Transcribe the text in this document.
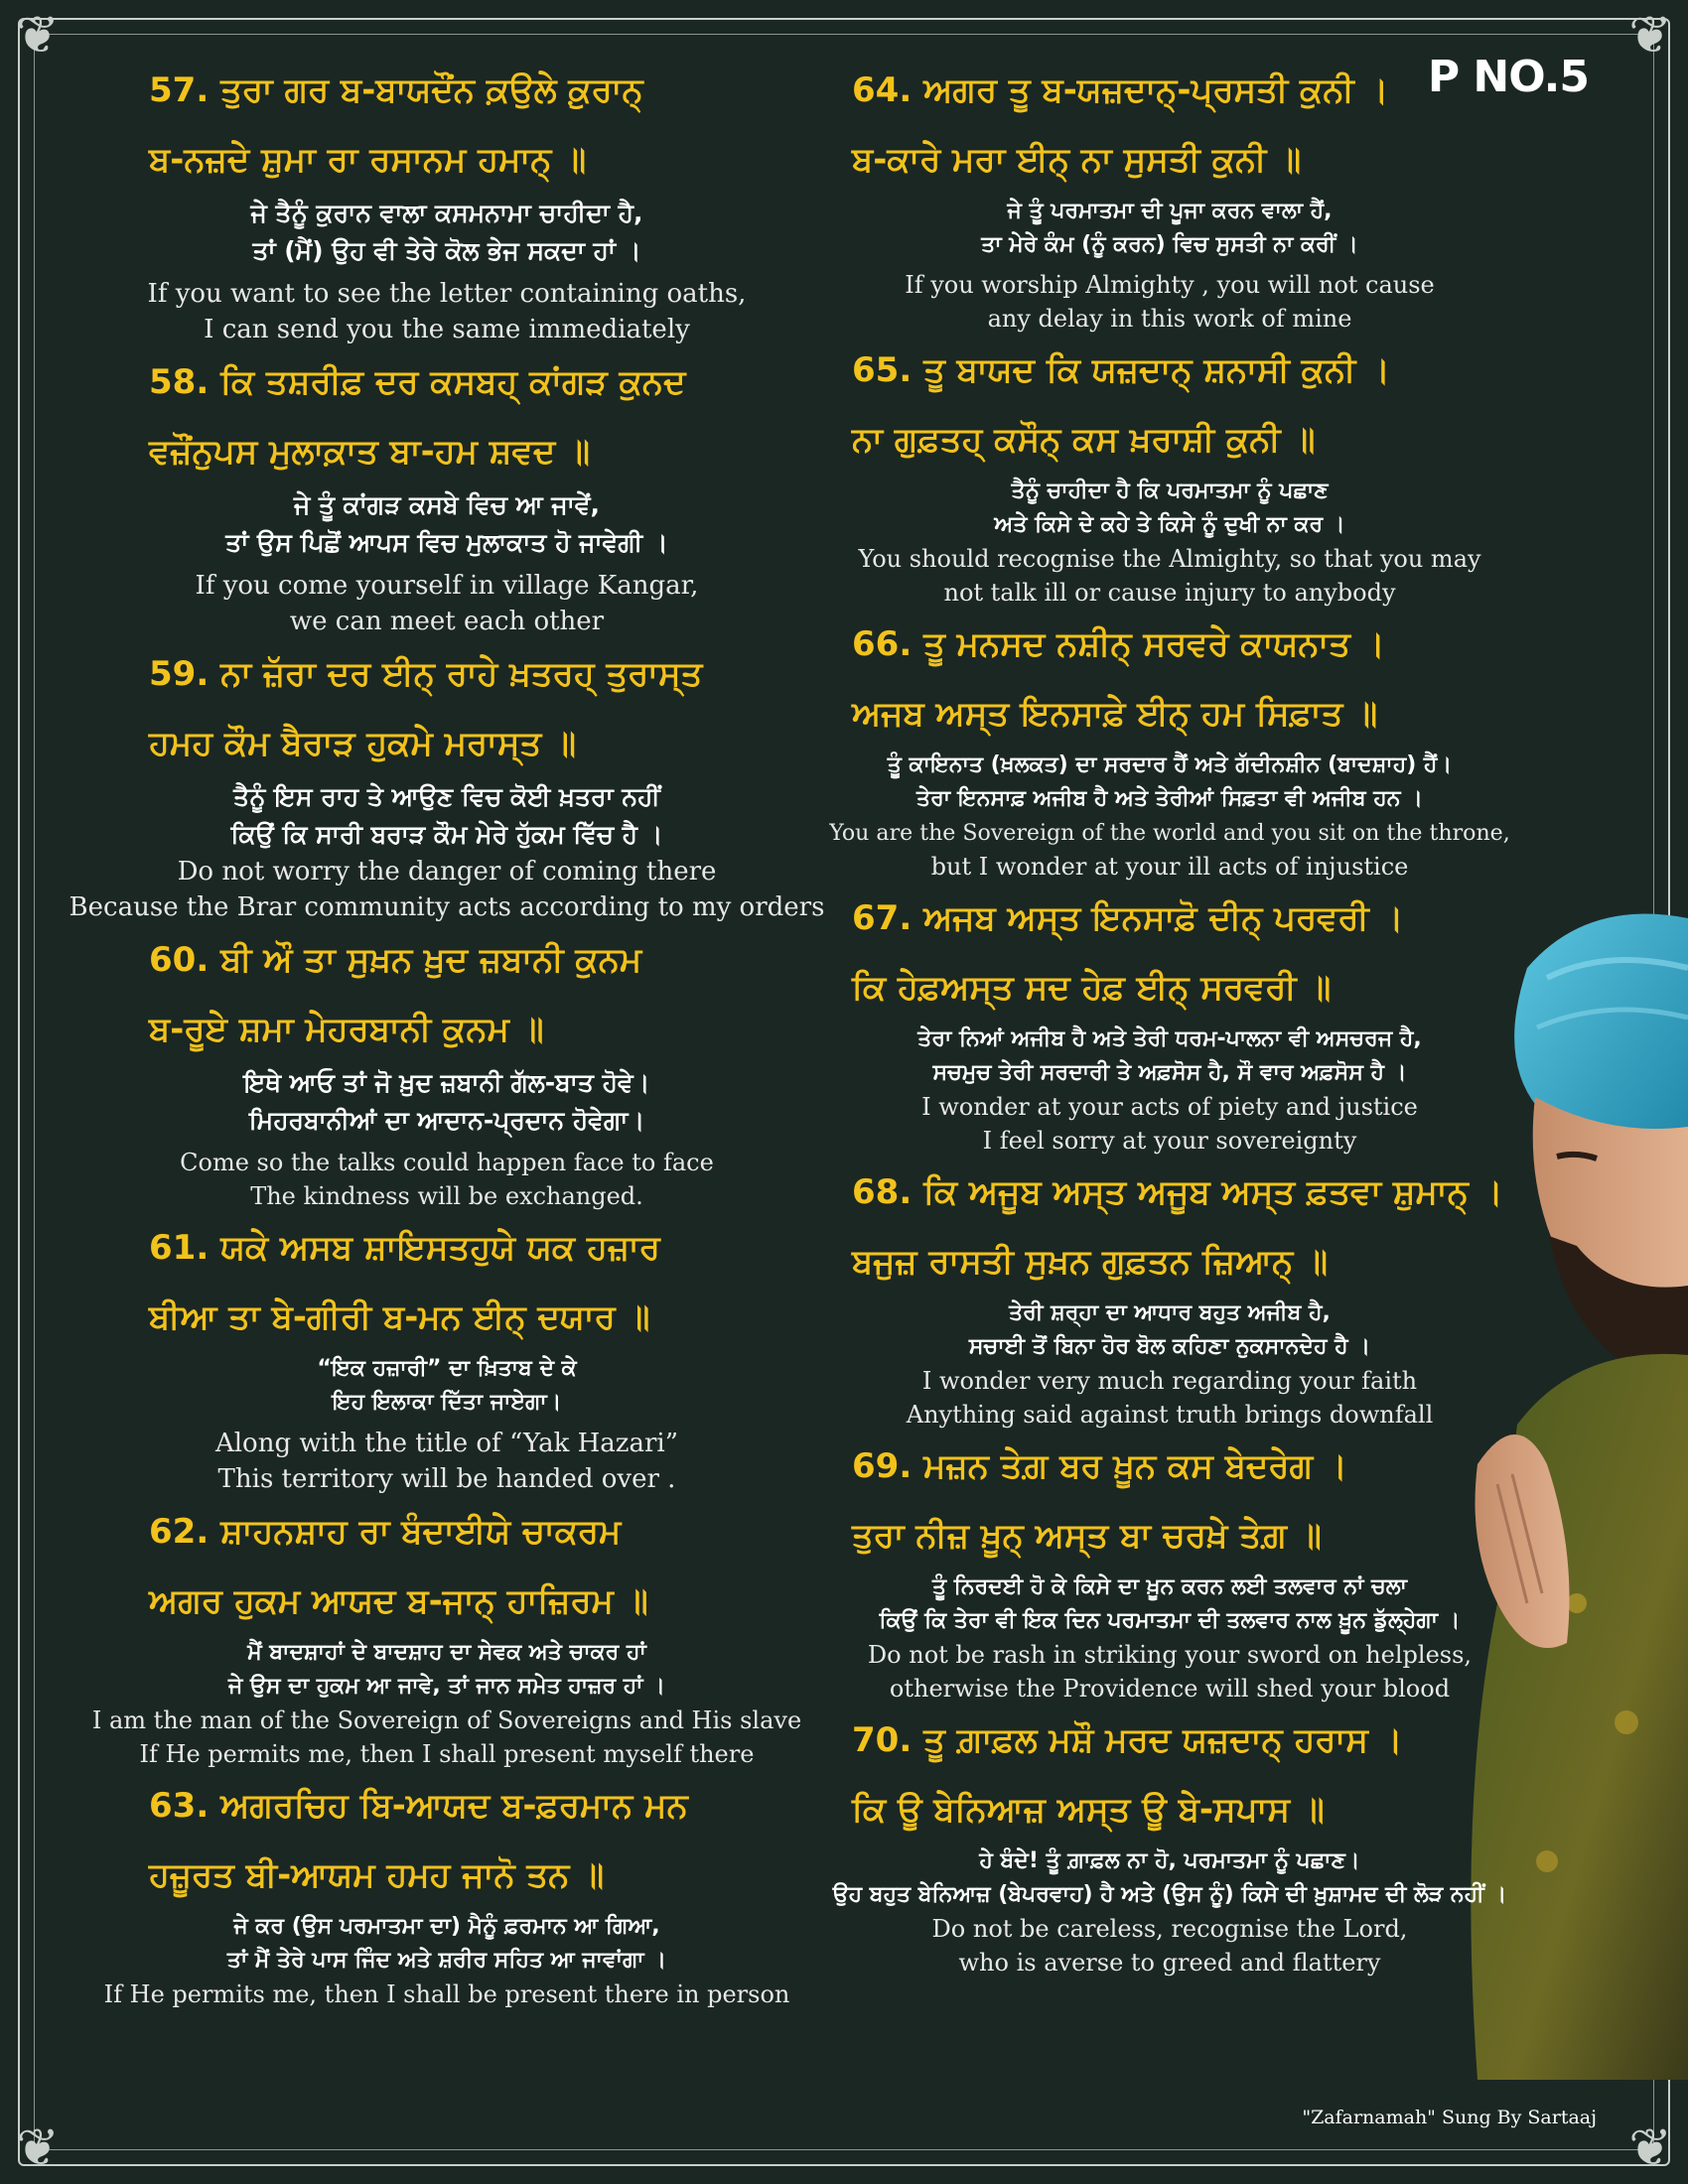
❦	❦
❦	❦
P NO.5
57. ਤੁਰਾ ਗਰ ਬ-ਬਾਯਦੌਂਨ ਕ਼ਉਲੇ ਕ਼ੁਰਾਨ੍
ਬ-ਨਜ਼ਦੇ ਸ਼ੁਮਾ ਰਾ ਰਸਾਨਮ ਹਮਾਨ੍ ॥
ਜੇ ਤੈਨੂੰ ਕੁਰਾਨ ਵਾਲਾ ਕਸਮਨਾਮਾ ਚਾਹੀਦਾ ਹੈ,
ਤਾਂ (ਮੈਂ) ਉਹ ਵੀ ਤੇਰੇ ਕੋਲ ਭੇਜ ਸਕਦਾ ਹਾਂ ।
If you want to see the letter containing oaths,
I can send you the same immediately
58. ਕਿ ਤਸ਼ਰੀਫ਼ ਦਰ ਕਸਬਹ੍ ਕਾਂਗੜ ਕੁਨਦ
ਵਜ਼ੌਂਨੁਪਸ ਮੁਲਾਕ਼ਾਤ ਬਾ-ਹਮ ਸ਼ਵਦ ॥
ਜੇ ਤੂੰ ਕਾਂਗੜ ਕਸਬੇ ਵਿਚ ਆ ਜਾਵੇਂ,
ਤਾਂ ਉਸ ਪਿਛੋਂ ਆਪਸ ਵਿਚ ਮੁਲਾਕਾਤ ਹੋ ਜਾਵੇਗੀ ।
If you come yourself in village Kangar,
we can meet each other
59. ਨਾ ਜ਼ੱਰਾ ਦਰ ਈਨ੍ ਰਾਹੇ ਖ਼ਤਰਹ੍ ਤੁਰਾਸ੍ਤ
ਹਮਹ ਕੌਮ ਬੈਰਾੜ ਹੁਕਮੇ ਮਰਾਸ੍ਤ ॥
ਤੈਨੂੰ ਇਸ ਰਾਹ ਤੇ ਆਉਣ ਵਿਚ ਕੋਈ ਖ਼ਤਰਾ ਨਹੀਂ
ਕਿਉਂ ਕਿ ਸਾਰੀ ਬਰਾੜ ਕੌਮ ਮੇਰੇ ਹੁੱਕਮ ਵਿੱਚ ਹੈ ।
Do not worry the danger of coming there
Because the Brar community acts according to my orders
60. ਬੀ ਔ ਤਾ ਸੁਖ਼ਨ ਖ਼ੁਦ ਜ਼ਬਾਨੀ ਕੁਨਮ
ਬ-ਰੂਏ ਸ਼ਮਾ ਮੇਹਰਬਾਨੀ ਕੁਨਮ ॥
ਇਥੇ ਆਓ ਤਾਂ ਜੋ ਖ਼ੁਦ ਜ਼ਬਾਨੀ ਗੱਲ-ਬਾਤ ਹੋਵੇ।
ਮਿਹਰਬਾਨੀਆਂ ਦਾ ਆਦਾਨ-ਪ੍ਰਦਾਨ ਹੋਵੇਗਾ।
Come so the talks could happen face to face
The kindness will be exchanged.
61. ਯਕੇ ਅਸਬ ਸ਼ਾਇਸਤਹੁਯੇ ਯਕ ਹਜ਼ਾਰ
ਬੀਆ ਤਾ ਬੇ-ਗੀਰੀ ਬ-ਮਨ ਈਨ੍ ਦਯਾਰ ॥
“ਇਕ ਹਜ਼ਾਰੀ” ਦਾ ਖ਼ਿਤਾਬ ਦੇ ਕੇ
ਇਹ ਇਲਾਕਾ ਦਿੱਤਾ ਜਾਏਗਾ।
Along with the title of “Yak Hazari”
This territory will be handed over .
62. ਸ਼ਾਹਨਸ਼ਾਹ ਰਾ ਬੰਦਾਈਯੇ ਚਾਕਰਮ
ਅਗਰ ਹੁਕਮ ਆਯਦ ਬ-ਜਾਨ੍ ਹਾਜ਼ਿਰਮ ॥
ਮੈਂ ਬਾਦਸ਼ਾਹਾਂ ਦੇ ਬਾਦਸ਼ਾਹ ਦਾ ਸੇਵਕ ਅਤੇ ਚਾਕਰ ਹਾਂ
ਜੇ ਉਸ ਦਾ ਹੁਕਮ ਆ ਜਾਵੇ, ਤਾਂ ਜਾਨ ਸਮੇਤ ਹਾਜ਼ਰ ਹਾਂ ।
I am the man of the Sovereign of Sovereigns and His slave
If He permits me, then I shall present myself there
63. ਅਗਰਚਿਹ ਬਿ-ਆਯਦ ਬ-ਫ਼ਰਮਾਨ ਮਨ
ਹਜ਼ੂਰਤ ਬੀ-ਆਯਮ ਹਮਹ ਜਾਨੋ ਤਨ ॥
ਜੇ ਕਰ (ਉਸ ਪਰਮਾਤਮਾ ਦਾ) ਮੈਨੂੰ ਫ਼ਰਮਾਨ ਆ ਗਿਆ,
ਤਾਂ ਮੈਂ ਤੇਰੇ ਪਾਸ ਜਿੰਦ ਅਤੇ ਸ਼ਰੀਰ ਸਹਿਤ ਆ ਜਾਵਾਂਗਾ ।
If He permits me, then I shall be present there in person
64. ਅਗਰ ਤੂ ਬ-ਯਜ਼ਦਾਨ੍-ਪ੍ਰਸਤੀ ਕੁਨੀ ।
ਬ-ਕਾਰੇ ਮਰਾ ਈਨ੍ ਨਾ ਸੁਸਤੀ ਕੁਨੀ ॥
ਜੇ ਤੂੰ ਪਰਮਾਤਮਾ ਦੀ ਪੂਜਾ ਕਰਨ ਵਾਲਾ ਹੈਂ,
ਤਾ ਮੇਰੇ ਕੰਮ (ਨੂੰ ਕਰਨ) ਵਿਚ ਸੁਸਤੀ ਨਾ ਕਰੀਂ ।
If you worship Almighty , you will not cause
any delay in this work of mine
65. ਤੂ ਬਾਯਦ ਕਿ ਯਜ਼ਦਾਨ੍ ਸ਼ਨਾਸੀ ਕੁਨੀ ।
ਨਾ ਗੁਫ਼ਤਹ੍ ਕਸੌਨ੍ ਕਸ ਖ਼ਰਾਸ਼ੀ ਕੁਨੀ ॥
ਤੈਨੂੰ ਚਾਹੀਦਾ ਹੈ ਕਿ ਪਰਮਾਤਮਾ ਨੂੰ ਪਛਾਣ
ਅਤੇ ਕਿਸੇ ਦੇ ਕਹੇ ਤੇ ਕਿਸੇ ਨੂੰ ਦੁਖੀ ਨਾ ਕਰ ।
You should recognise the Almighty, so that you may
not talk ill or cause injury to anybody
66. ਤੂ ਮਨਸਦ ਨਸ਼ੀਨ੍ ਸਰਵਰੇ ਕਾਯਨਾਤ ।
ਅਜਬ ਅਸ੍ਤ ਇਨਸਾਫ਼ੇ ਈਨ੍ ਹਮ ਸਿਫ਼ਾਤ ॥
ਤੂੰ ਕਾਇਨਾਤ (ਖ਼ਲਕਤ) ਦਾ ਸਰਦਾਰ ਹੈਂ ਅਤੇ ਗੱਦੀਨਸ਼ੀਨ (ਬਾਦਸ਼ਾਹ) ਹੈਂ।
ਤੇਰਾ ਇਨਸਾਫ਼ ਅਜੀਬ ਹੈ ਅਤੇ ਤੇਰੀਆਂ ਸਿਫ਼ਤਾ ਵੀ ਅਜੀਬ ਹਨ ।
You are the Sovereign of the world and you sit on the throne,
but I wonder at your ill acts of injustice
67. ਅਜਬ ਅਸ੍ਤ ਇਨਸਾਫ਼ੋ ਦੀਨ੍ ਪਰਵਰੀ ।
ਕਿ ਹੇਫ਼ਅਸ੍ਤ ਸਦ ਹੇਫ਼ ਈਨ੍ ਸਰਵਰੀ ॥
ਤੇਰਾ ਨਿਆਂ ਅਜੀਬ ਹੈ ਅਤੇ ਤੇਰੀ ਧਰਮ-ਪਾਲਨਾ ਵੀ ਅਸਚਰਜ ਹੈ,
ਸਚਮੁਚ ਤੇਰੀ ਸਰਦਾਰੀ ਤੇ ਅਫ਼ਸੋਸ ਹੈ, ਸੌ ਵਾਰ ਅਫ਼ਸੋਸ ਹੈ ।
I wonder at your acts of piety and justice
I feel sorry at your sovereignty
68. ਕਿ ਅਜੂਬ ਅਸ੍ਤ ਅਜੂਬ ਅਸ੍ਤ ਫ਼ਤਵਾ ਸ਼ੁਮਾਨ੍ ।
ਬਜੁਜ਼ ਰਾਸਤੀ ਸੁਖ਼ਨ ਗੁਫ਼ਤਨ ਜ਼ਿਆਨ੍ ॥
ਤੇਰੀ ਸ਼ਰ੍ਹਾ ਦਾ ਆਧਾਰ ਬਹੁਤ ਅਜੀਬ ਹੈ,
ਸਚਾਈ ਤੋਂ ਬਿਨਾ ਹੋਰ ਬੋਲ ਕਹਿਣਾ ਨੁਕਸਾਨਦੇਹ ਹੈ ।
I wonder very much regarding your faith
Anything said against truth brings downfall
69. ਮਜ਼ਨ ਤੇਗ਼ ਬਰ ਖ਼ੂਨ ਕਸ ਬੇਦਰੇਗ ।
ਤੁਰਾ ਨੀਜ਼ ਖ਼ੂਨ੍ ਅਸ੍ਤ ਬਾ ਚਰਖ਼ੇ ਤੇਗ਼ ॥
ਤੂੰ ਨਿਰਦਈ ਹੋ ਕੇ ਕਿਸੇ ਦਾ ਖ਼ੂਨ ਕਰਨ ਲਈ ਤਲਵਾਰ ਨਾਂ ਚਲਾ
ਕਿਉਂ ਕਿ ਤੇਰਾ ਵੀ ਇਕ ਦਿਨ ਪਰਮਾਤਮਾ ਦੀ ਤਲਵਾਰ ਨਾਲ ਖ਼ੂਨ ਡੁੱਲ੍ਹੇਗਾ ।
Do not be rash in striking your sword on helpless,
otherwise the Providence will shed your blood
70. ਤੂ ਗ਼ਾਫ਼ਲ ਮਸ਼ੌ ਮਰਦ ਯਜ਼ਦਾਨ੍ ਹਰਾਸ ।
ਕਿ ਊ ਬੇਨਿਆਜ਼ ਅਸ੍ਤ ਊ ਬੇ-ਸਪਾਸ ॥
ਹੇ ਬੰਦੇ! ਤੂੰ ਗ਼ਾਫ਼ਲ ਨਾ ਹੋ, ਪਰਮਾਤਮਾ ਨੂੰ ਪਛਾਣ।
ਉਹ ਬਹੁਤ ਬੇਨਿਆਜ਼ (ਬੇਪਰਵਾਹ) ਹੈ ਅਤੇ (ਉਸ ਨੂੰ) ਕਿਸੇ ਦੀ ਖ਼ੁਸ਼ਾਮਦ ਦੀ ਲੋੜ ਨਹੀਂ ।
Do not be careless, recognise the Lord,
who is averse to greed and flattery
"Zafarnamah" Sung By Sartaaj
